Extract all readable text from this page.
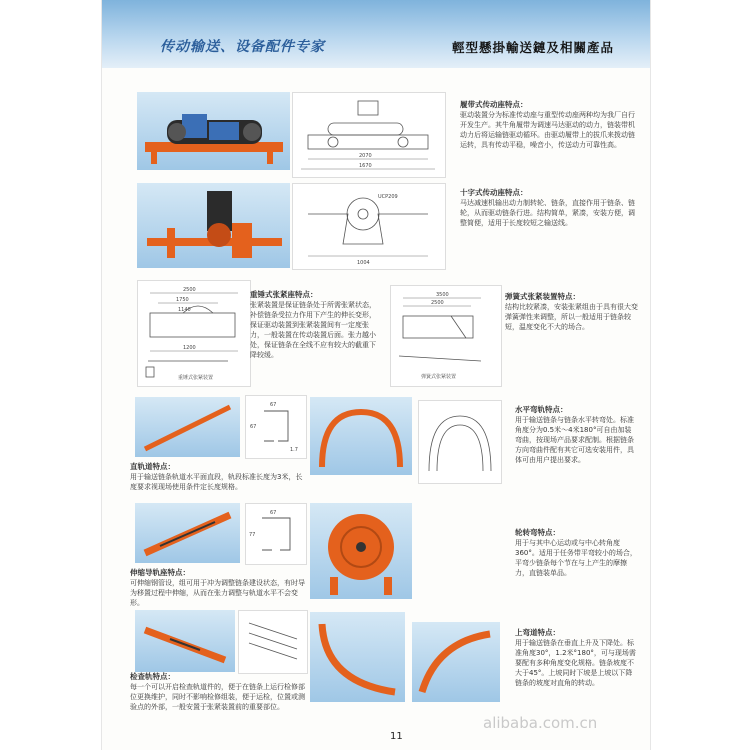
传动输送、设备配件专家	輕型懸掛輸送鏈及相關產品
2070
1670
履带式传动座特点：
驱动装置分为标准传动座与重型传动座两种均为我厂自行开发生产。其牛角履带为调速马达驱动的动力，链装带机动力后将运输链驱动循环。由驱动履带上的拔爪来拨动链运转，具有传动平稳，噪音小，传送动力可靠性高。
UCP209
1004
十字式传动座特点：
马达减速机输出动力制转轮、链条，直接作用于链条、链轮，从而驱动链条行进。结构简单，紧凑，安装方便，调整简便，适用于长度较短之输送线。
2500
1750
1140
1200
重锤式张紧装置
重锤式张紧座特点：
张紧装置是保证链条处于所需张紧状态，补偿链条受拉力作用下产生的伸长变形，保证驱动装置到张紧装置间有一定度张力，一般装置在传动装置后面。张力越小处，保证链条在全线不应有较大的截重下降较缓。
3500
2500
弹簧式张紧装置
弹簧式张紧装置特点：
结构比较紧凑，安装张紧组由于具有很大变弹簧弹性来调整，所以一般适用于链条较短，温度变化不大的场合。
67
67
1.7
直轨道特点：
用于输送链条轨道水平面直段，轨段标准长度为3米，长度要求视现场使用条件定长度规格。
水平弯轨特点：
用于输送链条与链条水平转弯处。标准角度分为0.5米～4米180°可自由加装弯曲，按现场产品要求配制。根据链条方向弯曲件配有其它可选安装用件，具体可由用户提出要求。
67
77
伸缩导轨座特点：
可伸缩钢管设，组可用于冲为调整链条建设状态，有时导为移置过程中伸缩，从而在张力调整与轨道水平不会变形。
轮转弯特点：
用于与其中心运动或与中心转角度360°。适用于任务带平弯较小的场合，平弯少链条每个节在与上产生的摩擦力，直链装单品。
检查轨特点：
每一个可以开启检查轨道件的，便于在链条上运行检修部位更换维护，同时不影响检修组装，便于运检，位置或测验点的外部，一般安置于张紧装置前的重要部位。
上弯道特点：
用于输送链条在垂直上升及下降处。标准角度30°，1.2米°180°，可与现场需要配有多种角度变化规格。链条坡度不大于45°。上坡同时下坡是上坡以下降链条的坡度对直角的转动。
11
alibaba.com.cn
